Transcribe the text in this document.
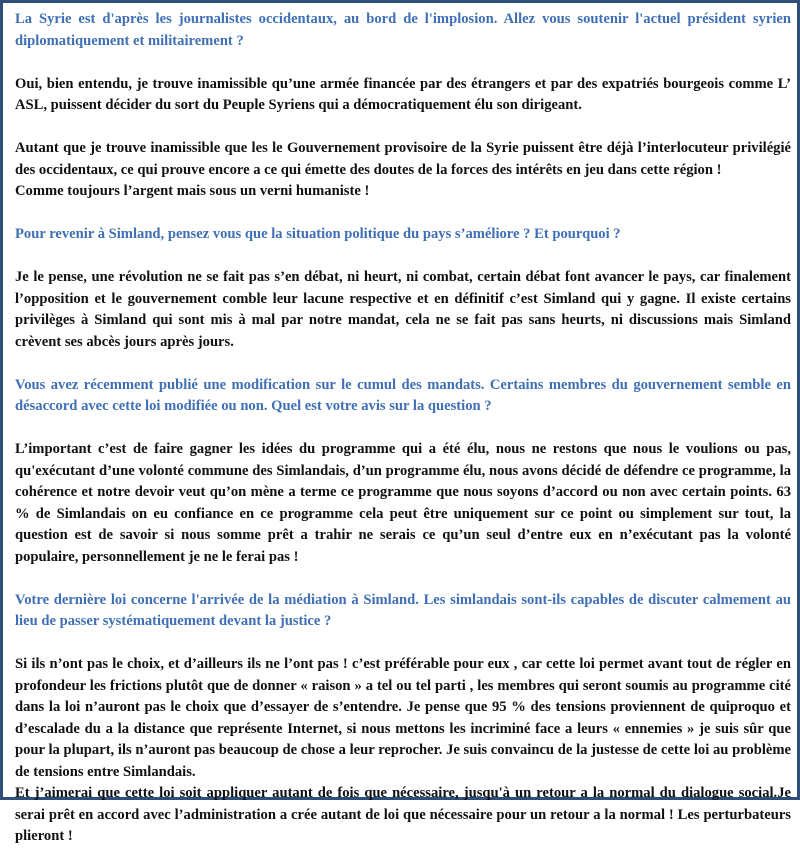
La Syrie est d'après les journalistes occidentaux, au bord de l'implosion. Allez vous soutenir l'actuel président syrien diplomatiquement et militairement ?

Oui, bien entendu, je trouve inamissible qu’une armée financée par des étrangers et par des expatriés bourgeois comme L’ ASL, puissent décider du sort du Peuple Syriens qui a démocratiquement élu son dirigeant.

Autant que je trouve inamissible que les le Gouvernement provisoire de la Syrie puissent être déjà l’interlocuteur privilégié des occidentaux, ce qui prouve encore a ce qui émette des doutes de la forces des intérêts en jeu dans cette région !

Comme toujours l’argent mais sous un verni humaniste !

Pour revenir à Simland, pensez vous que la situation politique du pays s’améliore ? Et pourquoi ?

Je le pense, une révolution ne se fait pas s’en débat, ni heurt, ni combat, certain débat font avancer le pays, car finalement l’opposition et le gouvernement comble leur lacune respective et en définitif c’est Simland qui y gagne. Il existe certains privilèges à Simland qui sont mis à mal par notre mandat, cela ne se fait pas sans heurts, ni discussions mais Simland crèvent ses abcès jours après jours.

Vous avez récemment publié une modification sur le cumul des mandats. Certains membres du gouvernement semble en désaccord avec cette loi modifiée ou non. Quel est votre avis sur la question ?

L’important c’est de faire gagner les idées du programme qui a été élu, nous ne restons que nous le voulions ou pas, qu'exécutant d’une volonté commune des Simlandais, d’un programme élu, nous avons décidé de défendre ce programme, la cohérence et notre devoir veut qu’on mène a terme ce programme que nous soyons d’accord ou non avec certain points. 63 % de Simlandais on eu confiance en ce programme cela peut être uniquement sur ce point ou simplement sur tout, la question est de savoir si nous somme prêt a trahir ne serais ce qu’un seul d’entre eux en n’exécutant pas la volonté populaire, personnellement je ne le ferai pas !

Votre dernière loi concerne l'arrivée de la médiation à Simland. Les simlandais sont-ils capables de discuter calmement au lieu de passer systématiquement devant la justice ?

Si ils n’ont pas le choix, et d’ailleurs ils ne l’ont pas ! c’est préférable pour eux , car cette loi permet avant tout de régler en profondeur les frictions plutôt que de donner « raison » a tel ou tel parti , les membres qui seront soumis au programme cité dans la loi n’auront pas le choix que d’essayer de s’entendre. Je pense que 95 % des tensions proviennent de quiproquo et d’escalade du a la distance que représente Internet, si nous mettons les incriminé face a leurs « ennemies » je suis sûr que pour la plupart, ils n’auront pas beaucoup de chose a leur reprocher. Je suis convaincu de la justesse de cette loi au problème de tensions entre Simlandais.

Et j’aimerai que cette loi soit appliquer autant de fois que nécessaire, jusqu'à un retour a la normal du dialogue social.Je serai prêt en accord avec l’administration a crée autant de loi que nécessaire pour un retour a la normal ! Les perturbateurs plieront !
